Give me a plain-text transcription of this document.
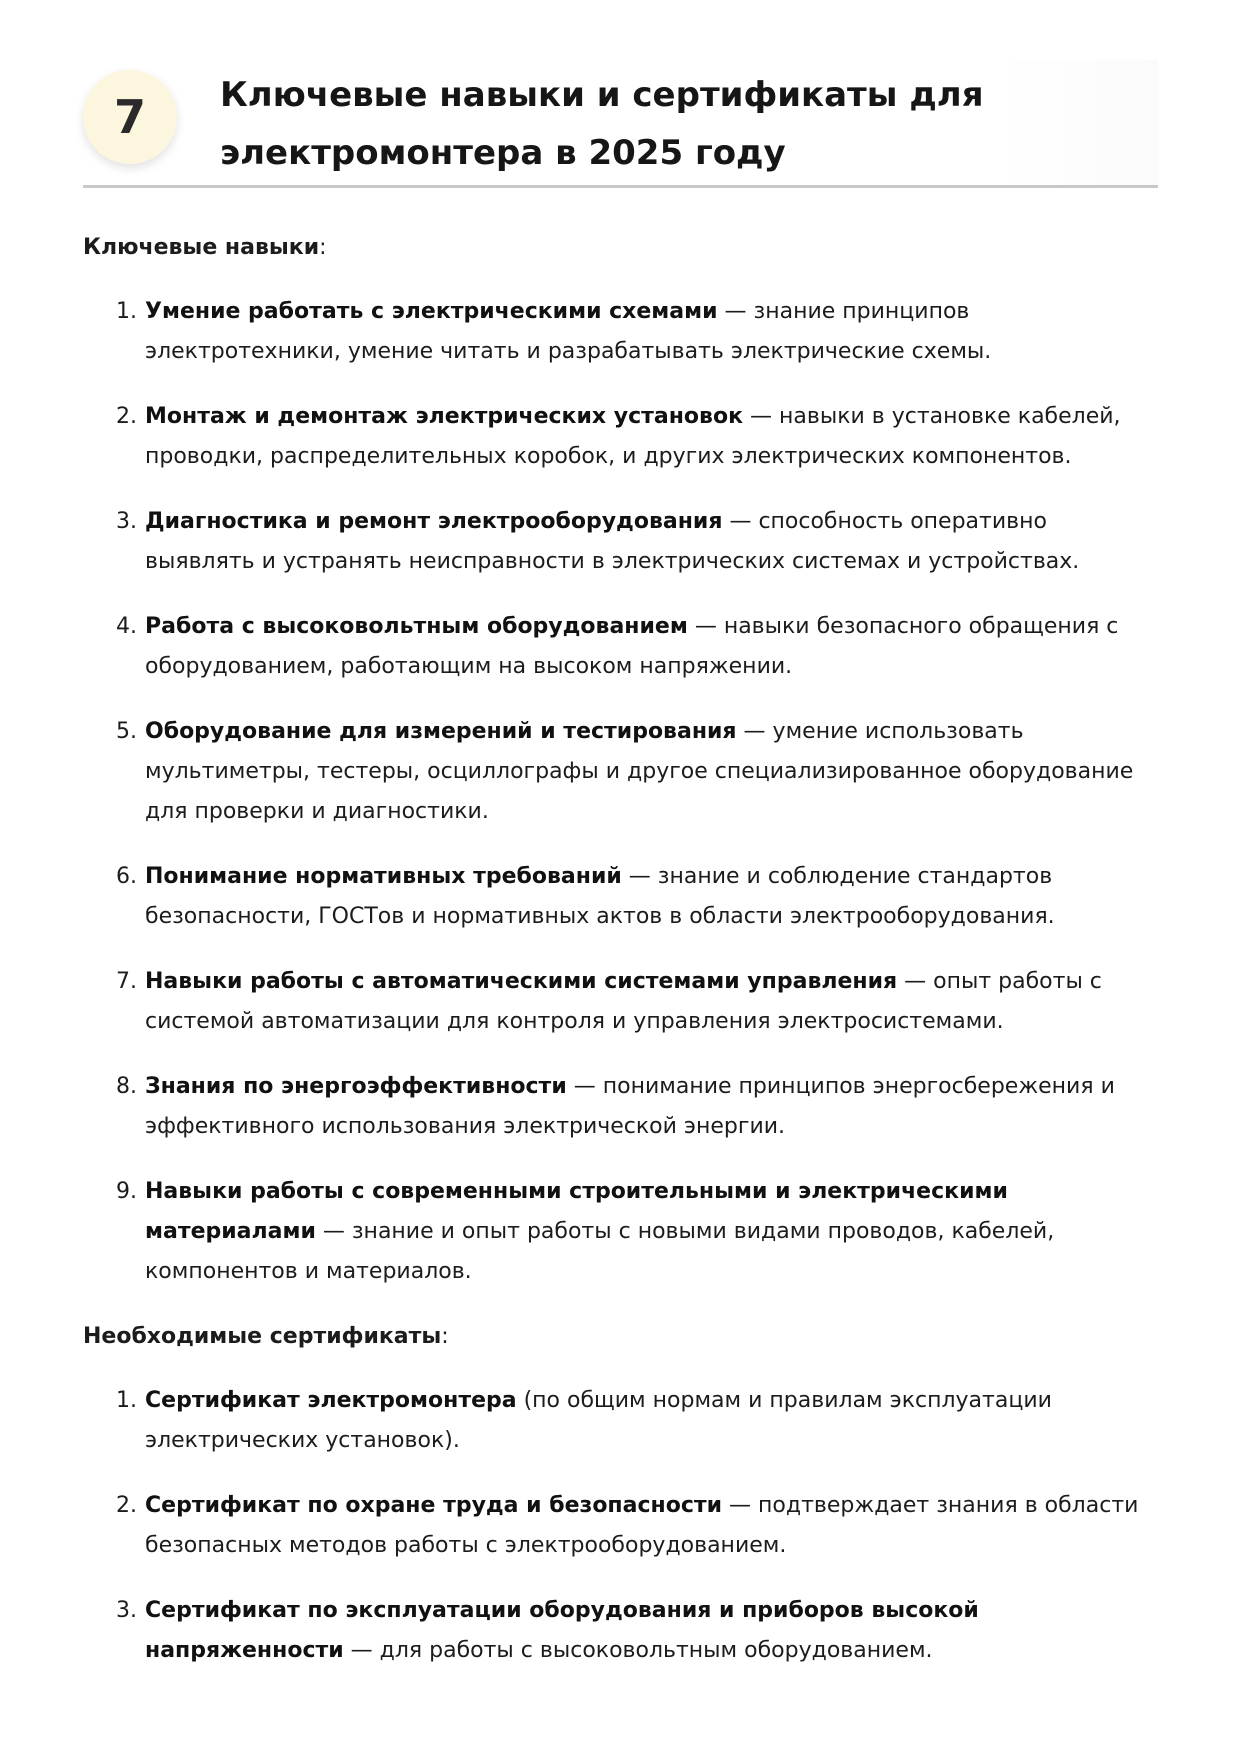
7	Ключевые навыки и сертификаты для электромонтера в 2025 году

Ключевые навыки:

1. Умение работать с электрическими схемами — знание принципов электротехники, умение читать и разрабатывать электрические схемы.
2. Монтаж и демонтаж электрических установок — навыки в установке кабелей, проводки, распределительных коробок, и других электрических компонентов.
3. Диагностика и ремонт электрооборудования — способность оперативно выявлять и устранять неисправности в электрических системах и устройствах.
4. Работа с высоковольтным оборудованием — навыки безопасного обращения с оборудованием, работающим на высоком напряжении.
5. Оборудование для измерений и тестирования — умение использовать мультиметры, тестеры, осциллографы и другое специализированное оборудование для проверки и диагностики.
6. Понимание нормативных требований — знание и соблюдение стандартов безопасности, ГОСТов и нормативных актов в области электрооборудования.
7. Навыки работы с автоматическими системами управления — опыт работы с системой автоматизации для контроля и управления электросистемами.
8. Знания по энергоэффективности — понимание принципов энергосбережения и эффективного использования электрической энергии.
9. Навыки работы с современными строительными и электрическими материалами — знание и опыт работы с новыми видами проводов, кабелей, компонентов и материалов.

Необходимые сертификаты:

1. Сертификат электромонтера (по общим нормам и правилам эксплуатации электрических установок).
2. Сертификат по охране труда и безопасности — подтверждает знания в области безопасных методов работы с электрооборудованием.
3. Сертификат по эксплуатации оборудования и приборов высокой напряженности — для работы с высоковольтным оборудованием.
